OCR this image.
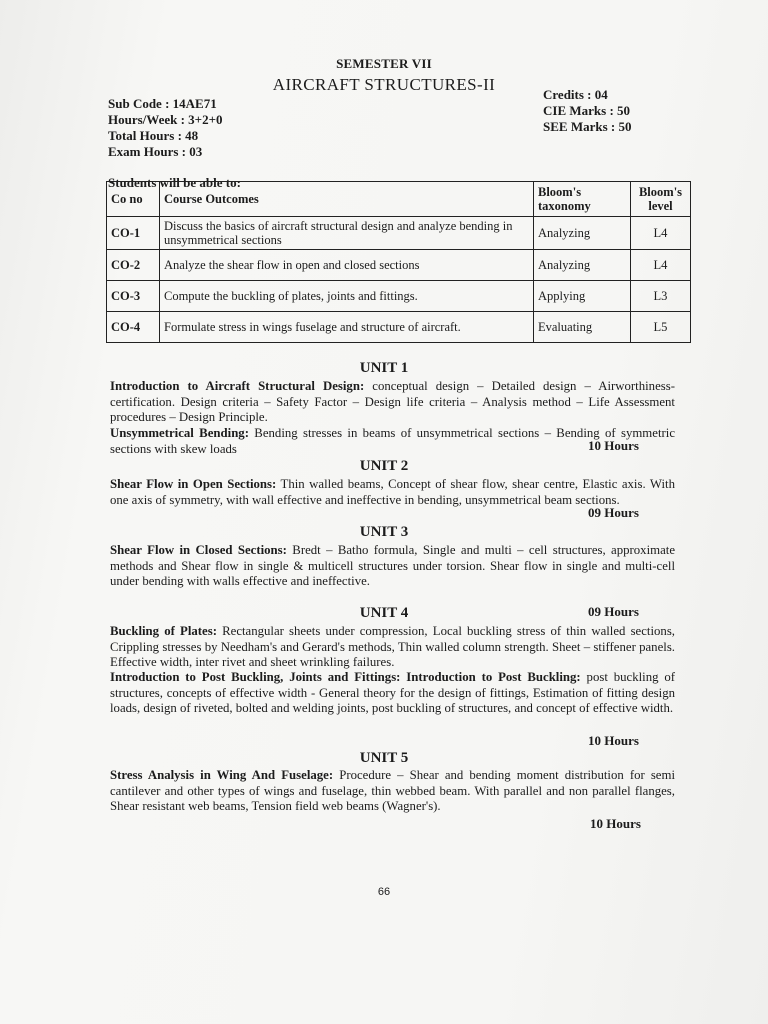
SEMESTER VII
AIRCRAFT STRUCTURES-II
Sub Code : 14AE71
Hours/Week : 3+2+0
Total Hours : 48
Exam Hours : 03
Credits : 04
CIE Marks : 50
SEE Marks : 50
Students will be able to:
Co no	Course Outcomes	Bloom's taxonomy	Bloom's level
CO-1	Discuss the basics of aircraft structural design and analyze bending in unsymmetrical sections	Analyzing	L4
CO-2	Analyze the shear flow in open and closed sections	Analyzing	L4
CO-3	Compute the buckling of plates, joints and fittings.	Applying	L3
CO-4	Formulate stress in wings fuselage and structure of aircraft.	Evaluating	L5
UNIT 1
Introduction to Aircraft Structural Design: conceptual design – Detailed design – Airworthiness- certification. Design criteria – Safety Factor – Design life criteria – Analysis method – Life Assessment procedures – Design Principle.
Unsymmetrical Bending: Bending stresses in beams of unsymmetrical sections – Bending of symmetric sections with skew loads	10 Hours
UNIT 2
Shear Flow in Open Sections: Thin walled beams, Concept of shear flow, shear centre, Elastic axis. With one axis of symmetry, with wall effective and ineffective in bending, unsymmetrical beam sections.
09 Hours
UNIT 3
Shear Flow in Closed Sections: Bredt – Batho formula, Single and multi – cell structures, approximate methods and Shear flow in single & multicell structures under torsion. Shear flow in single and multi-cell under bending with walls effective and ineffective.
09 Hours
UNIT 4
Buckling of Plates: Rectangular sheets under compression, Local buckling stress of thin walled sections, Crippling stresses by Needham's and Gerard's methods, Thin walled column strength. Sheet – stiffener panels. Effective width, inter rivet and sheet wrinkling failures.
Introduction to Post Buckling, Joints and Fittings: Introduction to Post Buckling: post buckling of structures, concepts of effective width - General theory for the design of fittings, Estimation of fitting design loads, design of riveted, bolted and welding joints, post buckling of structures, and concept of effective width.
10 Hours
UNIT 5
Stress Analysis in Wing And Fuselage: Procedure – Shear and bending moment distribution for semi cantilever and other types of wings and fuselage, thin webbed beam. With parallel and non parallel flanges, Shear resistant web beams, Tension field web beams (Wagner's).
10 Hours
66
